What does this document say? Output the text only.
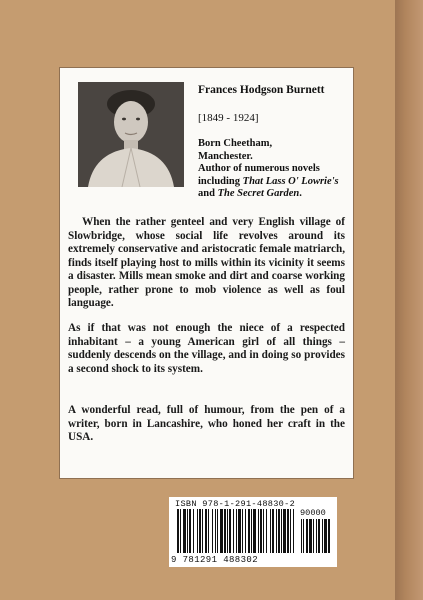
Frances Hodgson Burnett
[1849 - 1924]
Born Cheetham,
Manchester.
Author of numerous novels including That Lass O' Lowrie's and The Secret Garden.
When the rather genteel and very English village of Slowbridge, whose social life revolves around its extremely conservative and aristocratic female matriarch, finds itself playing host to mills within its vicinity it seems a disaster. Mills mean smoke and dirt and coarse working people, rather prone to mob violence as well as foul language.
As if that was not enough the niece of a respected inhabitant – a young American girl of all things – suddenly descends on the village, and in doing so provides a second shock to its system.
A wonderful read, full of humour, from the pen of a writer, born in Lancashire, who honed her craft in the USA.
ISBN 978-1-291-48830-2
90000
9 781291 488302
